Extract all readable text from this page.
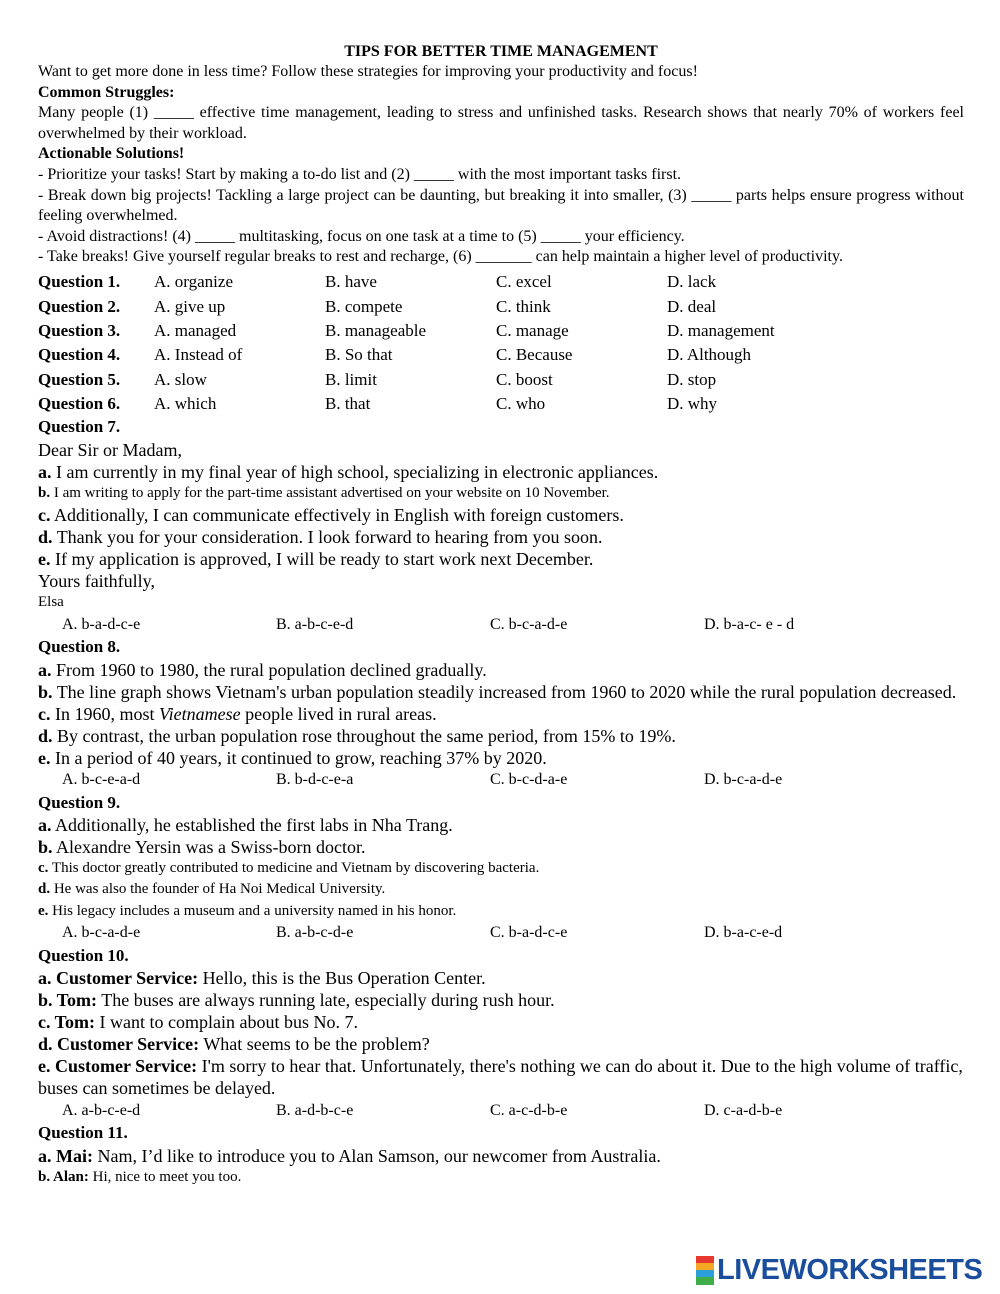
TIPS FOR BETTER TIME MANAGEMENT
Want to get more done in less time? Follow these strategies for improving your productivity and focus!
Common Struggles:
Many people (1) _____ effective time management, leading to stress and unfinished tasks. Research shows that nearly 70% of workers feel overwhelmed by their workload.
Actionable Solutions!
- Prioritize your tasks! Start by making a to-do list and (2) _____ with the most important tasks first.
- Break down big projects! Tackling a large project can be daunting, but breaking it into smaller, (3) _____ parts helps ensure progress without feeling overwhelmed.
- Avoid distractions! (4) _____ multitasking, focus on one task at a time to (5) _____ your efficiency.
- Take breaks! Give yourself regular breaks to rest and recharge, (6) _______ can help maintain a higher level of productivity.
Question 1.	A. organize	B. have	C. excel	D. lack
Question 2.	A. give up	B. compete	C. think	D. deal
Question 3.	A. managed	B. manageable	C. manage	D. management
Question 4.	A. Instead of	B. So that	C. Because	D. Although
Question 5.	A. slow	B. limit	C. boost	D. stop
Question 6.	A. which	B. that	C. who	D. why
Question 7.
Dear Sir or Madam,
a. I am currently in my final year of high school, specializing in electronic appliances.
b. I am writing to apply for the part-time assistant advertised on your website on 10 November.
c. Additionally, I can communicate effectively in English with foreign customers.
d. Thank you for your consideration. I look forward to hearing from you soon.
e. If my application is approved, I will be ready to start work next December.
Yours faithfully,
Elsa
A. b-a-d-c-e	B. a-b-c-e-d	C. b-c-a-d-e	D. b-a-c- e - d
Question 8.
a. From 1960 to 1980, the rural population declined gradually.
b. The line graph shows Vietnam's urban population steadily increased from 1960 to 2020 while the rural population decreased.
c. In 1960, most Vietnamese people lived in rural areas.
d. By contrast, the urban population rose throughout the same period, from 15% to 19%.
e. In a period of 40 years, it continued to grow, reaching 37% by 2020.
A. b-c-e-a-d	B. b-d-c-e-a	C. b-c-d-a-e	D. b-c-a-d-e
Question 9.
a. Additionally, he established the first labs in Nha Trang.
b. Alexandre Yersin was a Swiss-born doctor.
c. This doctor greatly contributed to medicine and Vietnam by discovering bacteria.
d. He was also the founder of Ha Noi Medical University.
e. His legacy includes a museum and a university named in his honor.
A. b-c-a-d-e	B. a-b-c-d-e	C. b-a-d-c-e	D. b-a-c-e-d
Question 10.
a. Customer Service: Hello, this is the Bus Operation Center.
b. Tom: The buses are always running late, especially during rush hour.
c. Tom: I want to complain about bus No. 7.
d. Customer Service: What seems to be the problem?
e. Customer Service: I'm sorry to hear that. Unfortunately, there's nothing we can do about it. Due to the high volume of traffic, buses can sometimes be delayed.
A. a-b-c-e-d	B. a-d-b-c-e	C. a-c-d-b-e	D. c-a-d-b-e
Question 11.
a. Mai: Nam, I’d like to introduce you to Alan Samson, our newcomer from Australia.
b. Alan: Hi, nice to meet you too.
LIVEWORKSHEETS
